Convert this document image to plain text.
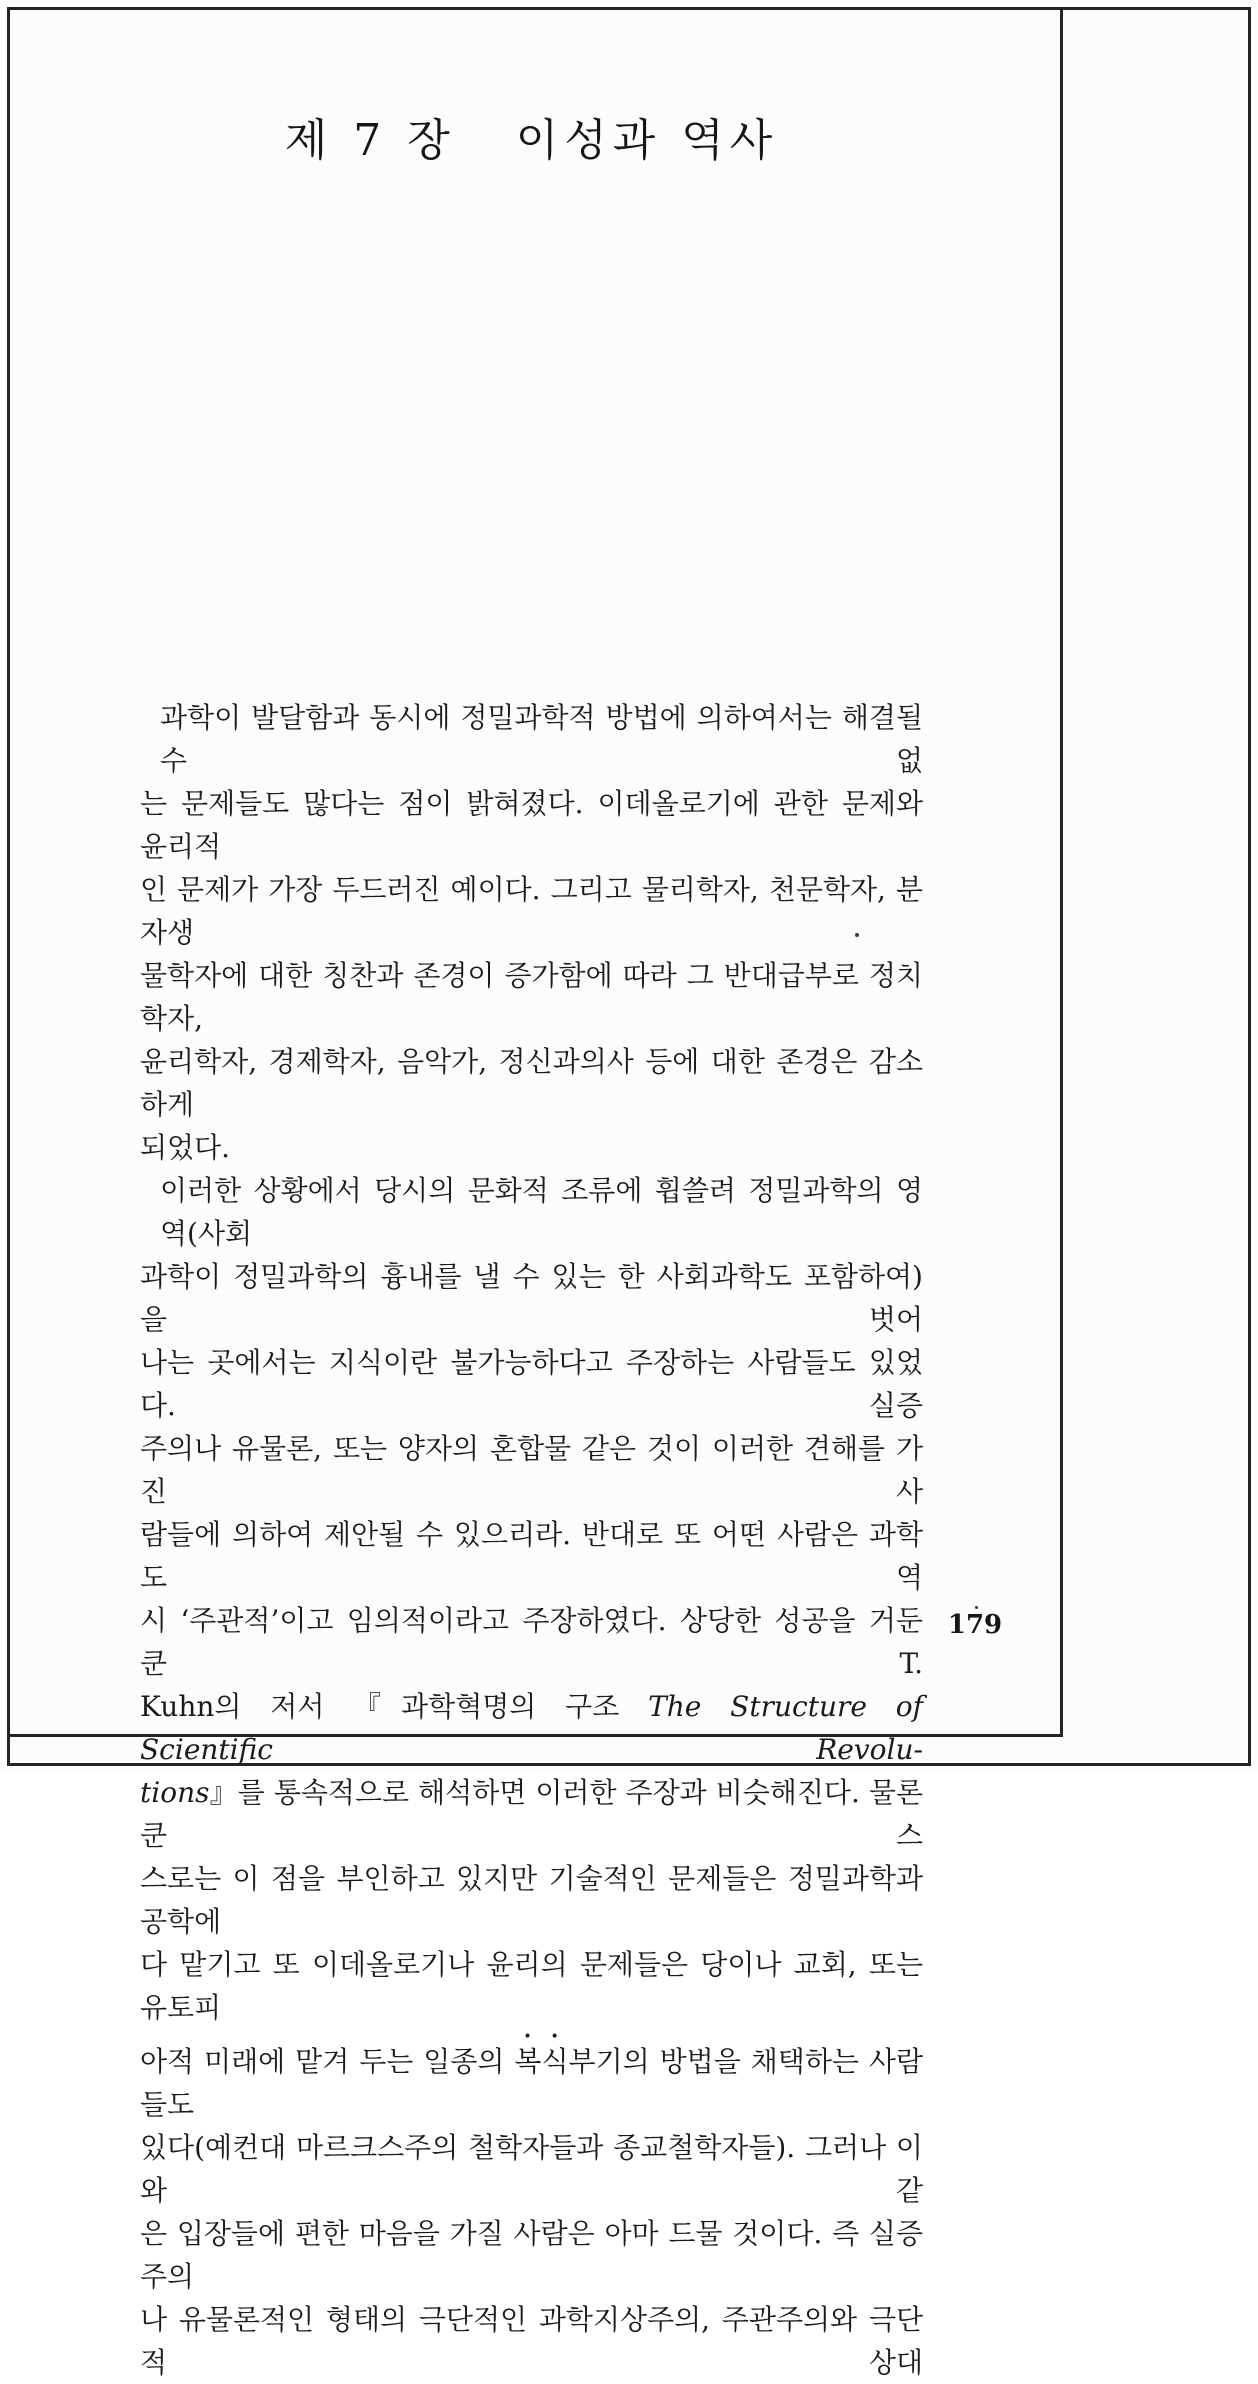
제 7 장   이성과 역사
과학이 발달함과 동시에 정밀과학적 방법에 의하여서는 해결될 수 없
는 문제들도 많다는 점이 밝혀졌다. 이데올로기에 관한 문제와 윤리적
인 문제가 가장 두드러진 예이다. 그리고 물리학자, 천문학자, 분자생
물학자에 대한 칭찬과 존경이 증가함에 따라 그 반대급부로 정치학자,
윤리학자, 경제학자, 음악가, 정신과의사 등에 대한 존경은 감소하게
되었다.
이러한 상황에서 당시의 문화적 조류에 휩쓸려 정밀과학의 영역(사회
과학이 정밀과학의 흉내를 낼 수 있는 한 사회과학도 포함하여)을 벗어
나는 곳에서는 지식이란 불가능하다고 주장하는 사람들도 있었다. 실증
주의나 유물론, 또는 양자의 혼합물 같은 것이 이러한 견해를 가진 사
람들에 의하여 제안될 수 있으리라. 반대로 또 어떤 사람은 과학도 역
시 ‘주관적’이고 임의적이라고 주장하였다. 상당한 성공을 거둔 쿤 T.
Kuhn의 저서 『과학혁명의 구조 The Structure of Scientific Revolu-
tions』를 통속적으로 해석하면 이러한 주장과 비슷해진다. 물론 쿤 스
스로는 이 점을 부인하고 있지만 기술적인 문제들은 정밀과학과 공학에
다 맡기고 또 이데올로기나 윤리의 문제들은 당이나 교회, 또는 유토피
아적 미래에 맡겨 두는 일종의 복식부기의 방법을 채택하는 사람들도
있다(예컨대 마르크스주의 철학자들과 종교철학자들). 그러나 이와 같
은 입장들에 편한 마음을 가질 사람은 아마 드물 것이다. 즉 실증주의
나 유물론적인 형태의 극단적인 과학지상주의, 주관주의와 극단적 상대
179
